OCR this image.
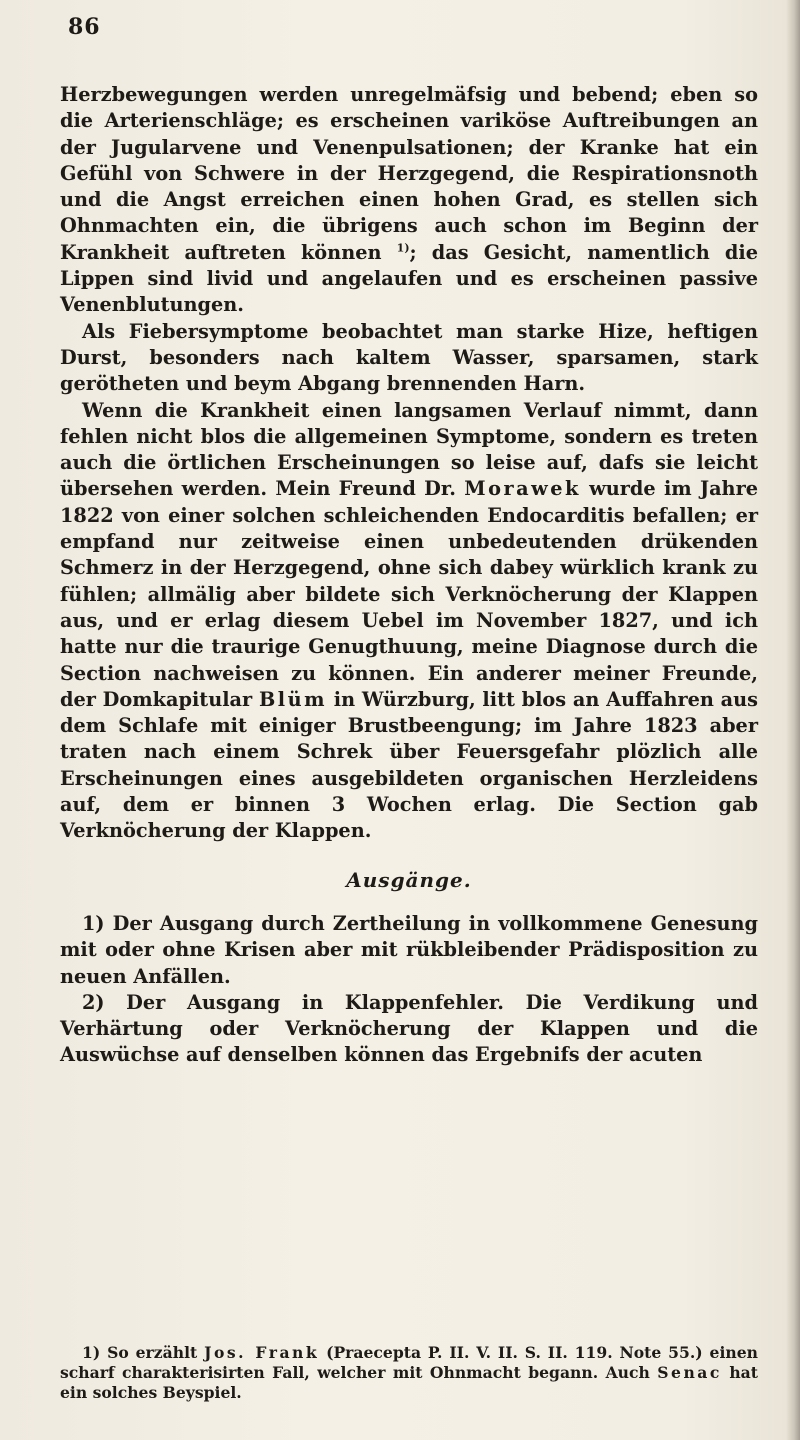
86

Herzbewegungen werden unregelmäfsig und bebend; eben so die Arterienschläge; es erscheinen variköse Auftreibungen an der Jugularvene und Venenpulsationen; der Kranke hat ein Gefühl von Schwere in der Herzgegend, die Respirationsnoth und die Angst erreichen einen hohen Grad, es stellen sich Ohnmachten ein, die übrigens auch schon im Beginn der Krankheit auftreten können $^{1)}$; das Gesicht, namentlich die Lippen sind livid und angelaufen und es erscheinen passive Venenblutungen.

Als Fiebersymptome beobachtet man starke Hize, heftigen Durst, besonders nach kaltem Wasser, sparsamen, stark gerötheten und beym Abgang brennenden Harn.

Wenn die Krankheit einen langsamen Verlauf nimmt, dann fehlen nicht blos die allgemeinen Symptome, sondern es treten auch die örtlichen Erscheinungen so leise auf, dafs sie leicht übersehen werden. Mein Freund Dr. Morawek wurde im Jahre 1822 von einer solchen schleichenden Endocarditis befallen; er empfand nur zeitweise einen unbedeutenden drükenden Schmerz in der Herzgegend, ohne sich dabey würklich krank zu fühlen; allmälig aber bildete sich Verknöcherung der Klappen aus, und er erlag diesem Uebel im November 1827, und ich hatte nur die traurige Genugthuung, meine Diagnose durch die Section nachweisen zu können. Ein anderer meiner Freunde, der Domkapitular Blüm in Würzburg, litt blos an Auffahren aus dem Schlafe mit einiger Brustbeengung; im Jahre 1823 aber traten nach einem Schrek über Feuersgefahr plözlich alle Erscheinungen eines ausgebildeten organischen Herzleidens auf, dem er binnen 3 Wochen erlag. Die Section gab Verknöcherung der Klappen.

Ausgänge.

1) Der Ausgang durch Zertheilung in vollkommene Genesung mit oder ohne Krisen aber mit rükbleibender Prädisposition zu neuen Anfällen.

2) Der Ausgang in Klappenfehler. Die Verdikung und Verhärtung oder Verknöcherung der Klappen und die Auswüchse auf denselben können das Ergebnifs der acuten

1) So erzählt Jos. Frank (Praecepta P. II. V. II. S. II. 119. Note 55.) einen scharf charakterisirten Fall, welcher mit Ohnmacht begann. Auch Senac hat ein solches Beyspiel.
